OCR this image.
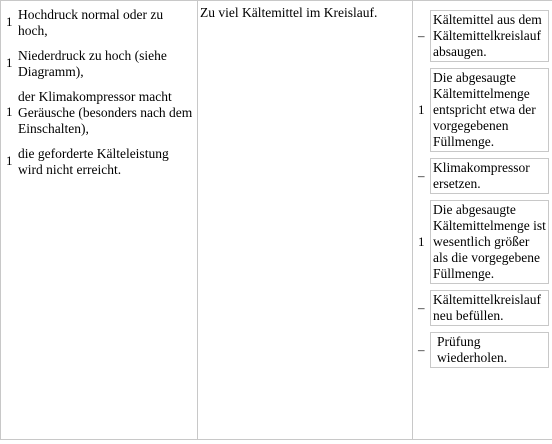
1 Hochdruck normal oder zu hoch,
1 Niederdruck zu hoch (siehe Diagramm),
1
der Klimakompressor macht Geräusche (besonders nach dem Einschalten),
1 die geforderte Kälteleistung wird nicht erreicht.

Zu viel Kältemittel im Kreislauf.

–
Kältemittel aus dem Kältemittelkreislauf absaugen.
1
Die abgesaugte Kältemittelmenge entspricht etwa der vorgegebenen Füllmenge.
–
Klimakompressor ersetzen.
1
Die abgesaugte Kältemittelmenge ist wesentlich größer als die vorgegebene Füllmenge.
–
Kältemittelkreislauf neu befüllen.
–
Prüfung wiederholen.
